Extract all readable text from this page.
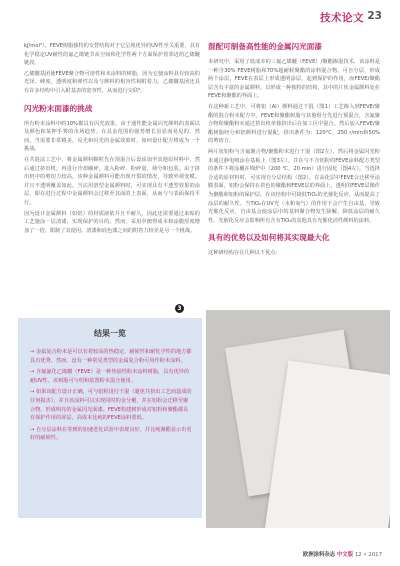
技术论文 23

kJ/mol²）。FEVE树脂独特的交替结构对于它呈现优异的UV性至关重要，具有化学稳定UV耐性的氟乙烯链节从空间和化学性两个方面保护着邻近的乙烯醚链段。

乙烯醚基团使FEVE聚合物可溶性和未涂料的树脂，因为它使涂料具有较高的光泽。硬度、透明度和弹性以及与颜料的相容性和附着力。乙烯醚基团还具有许多结构中引入附基表的宽容性，从而进行交联⁹。

闪光粉末面漆的挑战

所有粉末涂料中约10%都具有闪光效果，由于通性能金属闪光颜料的表面以及颜色和某押手雾的市场趋势。在具金范围的强势增长虽显而易见的。然而，当需要非常精美，反光和闪光的金属效果时，如何设计配方将成为一个挑战。

在共混法工艺中，将金属颜料颗粒先在预混合后设添加至其他原材料中，然后通过挤出机，再进行冷却碾碎，进入粉碎、粉碎量，筛分和包装。由于挤出机中的剪切力较高，该种金属颜料可能出现开裂的情况，导致外观变模。并且不透明覆盖如此。当沾用溶型金属颜料时，可实现具有不透型效果的涂层，即在进行过程中金属颜料会过移至其面的上表面，从而与与表面保持平行。

因为设计金属颜料（如铝）的材质液依并且不耐久，因此还需要通过来贴的工艺施涂一层清漆，实现保护的目的。然而，采用中澳得成本和涂膜厚度增加了一倍，限制了其使用。清漆和底色漆之间的附着力较差是另一个挑战。

结果一览
→ 金属复合粉末是可以有着较高的热稳定、耐候性和耐化学性的地方都具有优秀。然而，没有一种常见类型的金属复合粉可用作粉末涂料。
→ 含氟氟化乙烯醚（FEVE）是一种热固性粉末涂料树脂，具有优异的耐UV性。该树脂可与绍和装置粉末混合使用。
→ 如果该配方设计正确，可与铝粉进行干混（避免共挤出工艺而造成的任何损害），并且该涂料可以实现同时的金分覆，并在铝粉会迁移至聚合物。形成明亮的金属闪光面漆。FEVE构建树形成对铝粉和聚酯都具有保护作用的屏层，高成本比纯的FEVE涂料要低。
→ 自分层涂料在等到的加速老化试验中表现良好，并比纯聚酯显示出更好的耐候性。
混配可制备高性能的金属闪光面漆

本研究中，采用了低成本的三氟乙烯醚（FEVE）/聚酯掺混技术，该涂料是一种含30% FEVE树脂和70%超耐候聚酯的涂料混合物。可自分层，形成两个涂层，FEVE在表层上形成透明涂层，起到保护的作用，而FEVE/聚酯层含有丰富的金属颜料，以形成一种独特的结构，其中的片状金属颜料处在FEVE和聚酯的界面上。

在这种新工艺中，可将铝（Al）颜料通过干混（图1）工艺掺入到FEVE/聚酯的混合粉末配方中。FEVE和聚酯树脂与其他组分先进行预混合，含氟聚合物和聚酯粉末通过挤出机单独挤出后在加工区中混合。然后加入FEVE/聚酯树脂经分和铝颜料进行混配，挤出条件为：120°C，250 r/min和50%的剪切力。

两片状铝粉与含氟聚合物/聚酯粉末进行干混（图2左），然后将金属闪光粉末通过静电喷涂在基板上（图3左）。并在与不含铝粉的FEVE涂料配方类型的条件下将涂覆在锦炉中（200 ℃，20 min）进行固化（图4左）。当选择合适的原材料时，可实现自分层结构（图2）。在高化层中FEVE会迁移至涂膜表面，铝粉会保持在着色的聚酯和FEVE层的界面上，透明的FEVE层像作为聚酯和铝粉的保护层，在该结构中可降低TiO₂的光催化反应，从而提高了涂层的耐久性。当TiO₂在UV光（水和氧气）的作用下会产生自由基，导致光催化反应，自由基会使涂层中的基料聚合物发生降解，降低涂层的耐久性。光催化反应会影响所有含有TiO₂的其他具有光催化活性颜料的涂料。

具有的优势以及如何将其实现最大化

这种研结构存在几种以下优点：

3
欧洲涂料杂志 中文版 12 • 2017
